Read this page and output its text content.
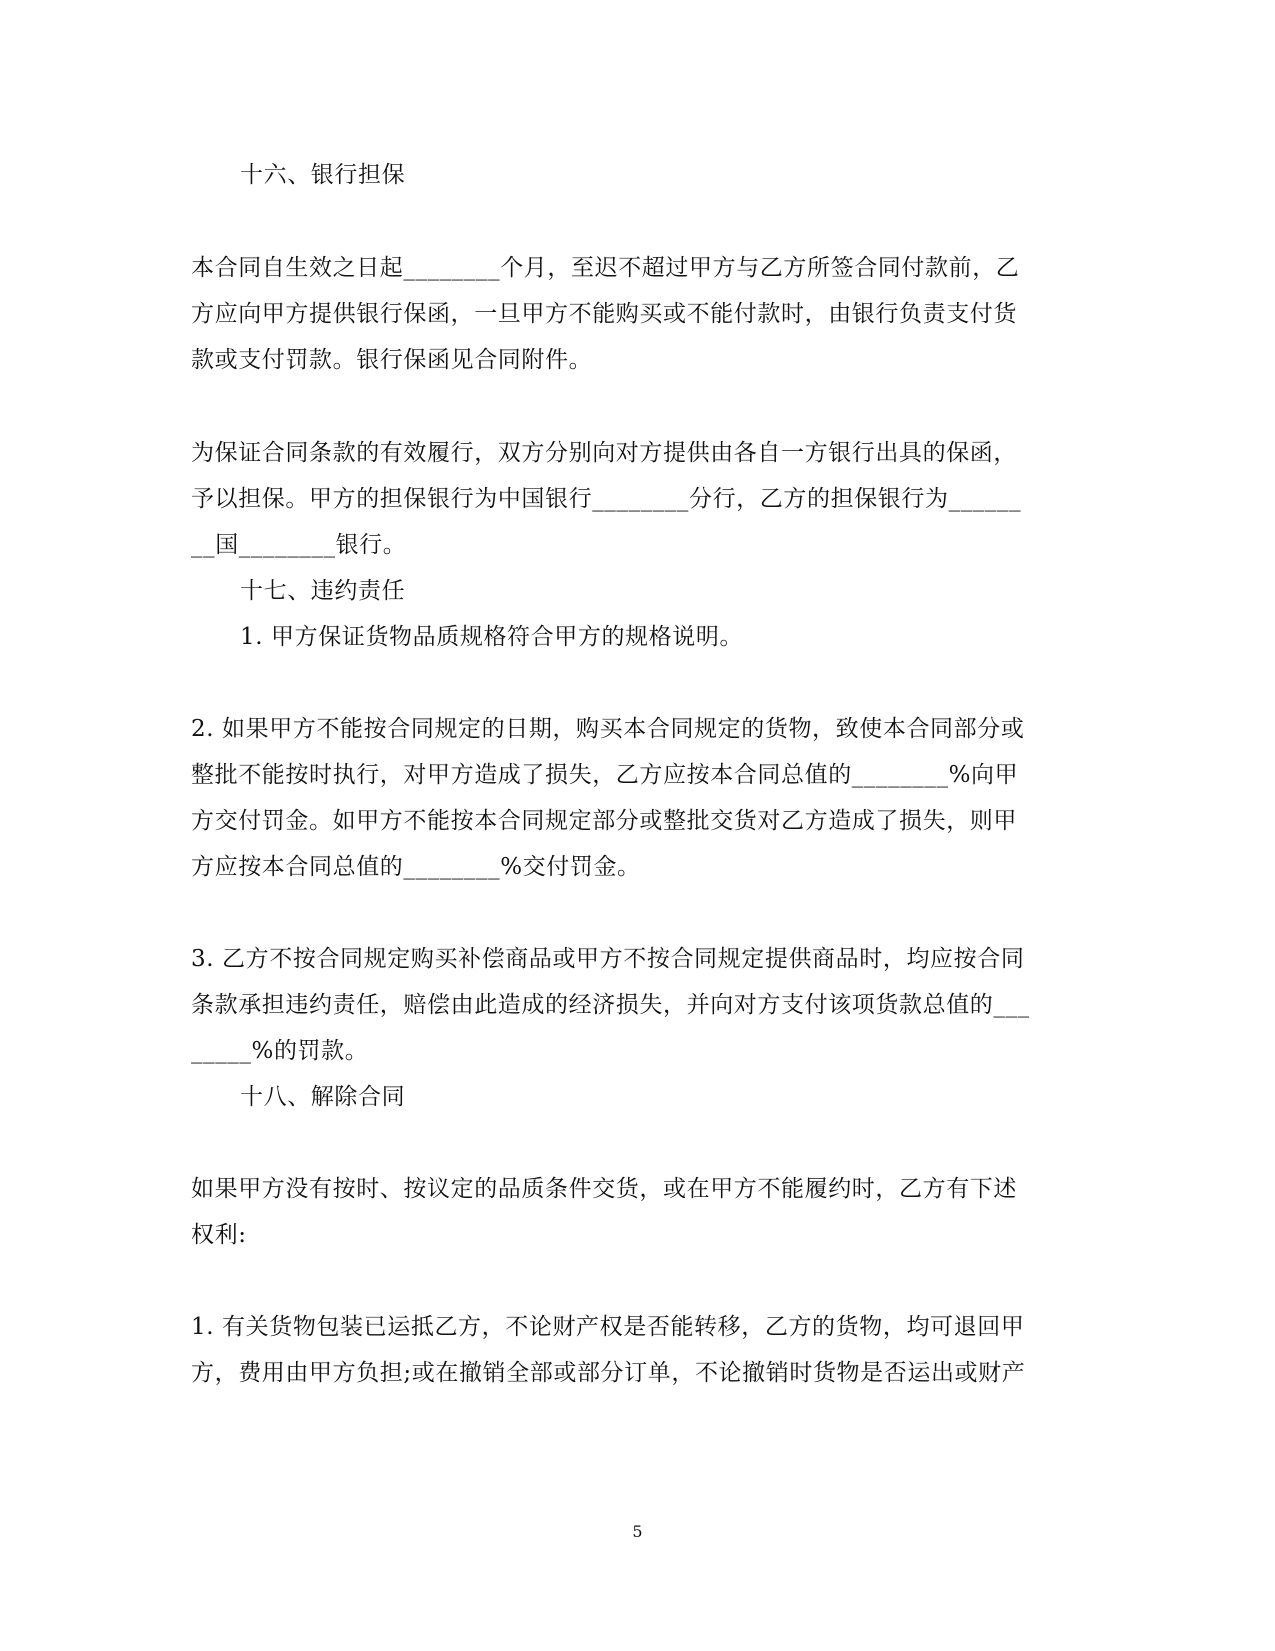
十六、银行担保
本合同自生效之日起________个月，至迟不超过甲方与乙方所签合同付款前，乙
方应向甲方提供银行保函，一旦甲方不能购买或不能付款时，由银行负责支付货
款或支付罚款。银行保函见合同附件。
为保证合同条款的有效履行，双方分别向对方提供由各自一方银行出具的保函，
予以担保。甲方的担保银行为中国银行________分行，乙方的担保银行为______
__国________银行。
十七、违约责任
1. 甲方保证货物品质规格符合甲方的规格说明。
2. 如果甲方不能按合同规定的日期，购买本合同规定的货物，致使本合同部分或
整批不能按时执行，对甲方造成了损失，乙方应按本合同总值的________%向甲
方交付罚金。如甲方不能按本合同规定部分或整批交货对乙方造成了损失，则甲
方应按本合同总值的________%交付罚金。
3. 乙方不按合同规定购买补偿商品或甲方不按合同规定提供商品时，均应按合同
条款承担违约责任，赔偿由此造成的经济损失，并向对方支付该项货款总值的___
_____%的罚款。
十八、解除合同
如果甲方没有按时、按议定的品质条件交货，或在甲方不能履约时，乙方有下述
权利:
1. 有关货物包装已运抵乙方，不论财产权是否能转移，乙方的货物，均可退回甲
方，费用由甲方负担;或在撤销全部或部分订单，不论撤销时货物是否运出或财产
5
